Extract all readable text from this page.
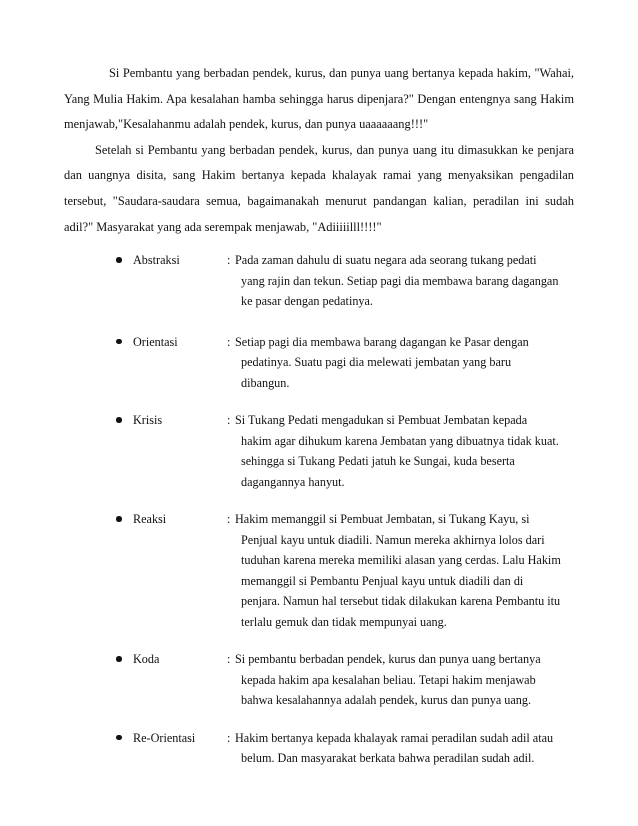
Si Pembantu yang berbadan pendek, kurus, dan punya uang bertanya kepada hakim, "Wahai, Yang Mulia Hakim. Apa kesalahan hamba sehingga harus dipenjara?" Dengan entengnya sang Hakim menjawab,"Kesalahanmu adalah pendek, kurus, dan punya uaaaaaang!!!"

Setelah si Pembantu yang berbadan pendek, kurus, dan punya uang itu dimasukkan ke penjara dan uangnya disita, sang Hakim bertanya kepada khalayak ramai yang menyaksikan pengadilan tersebut, "Saudara-saudara semua, bagaimanakah menurut pandangan kalian, peradilan ini sudah adil?" Masyarakat yang ada serempak menjawab, "Adiiiiilll!!!!"

Abstraksi	: Pada zaman dahulu di suatu negara ada seorang tukang pedati
yang rajin dan tekun. Setiap pagi dia membawa barang dagangan
ke pasar dengan pedatinya.
Orientasi	: Setiap pagi dia membawa barang dagangan ke Pasar dengan
pedatinya. Suatu pagi dia melewati jembatan yang baru
dibangun.
Krisis	: Si Tukang Pedati mengadukan si Pembuat Jembatan kepada
hakim agar dihukum karena Jembatan yang dibuatnya tidak kuat.
sehingga si Tukang Pedati jatuh ke Sungai, kuda beserta
dagangannya hanyut.
Reaksi	: Hakim memanggil si Pembuat Jembatan, si Tukang Kayu, si
Penjual kayu untuk diadili. Namun mereka akhirnya lolos dari
tuduhan karena mereka memiliki alasan yang cerdas. Lalu Hakim
memanggil si Pembantu Penjual kayu untuk diadili dan di
penjara. Namun hal tersebut tidak dilakukan karena Pembantu itu
terlalu gemuk dan tidak mempunyai uang.
Koda	: Si pembantu berbadan pendek, kurus dan punya uang bertanya
kepada hakim apa kesalahan beliau. Tetapi hakim menjawab
bahwa kesalahannya adalah pendek, kurus dan punya uang.
Re-Orientasi	: Hakim bertanya kepada khalayak ramai peradilan sudah adil atau
belum. Dan masyarakat berkata bahwa peradilan sudah adil.
